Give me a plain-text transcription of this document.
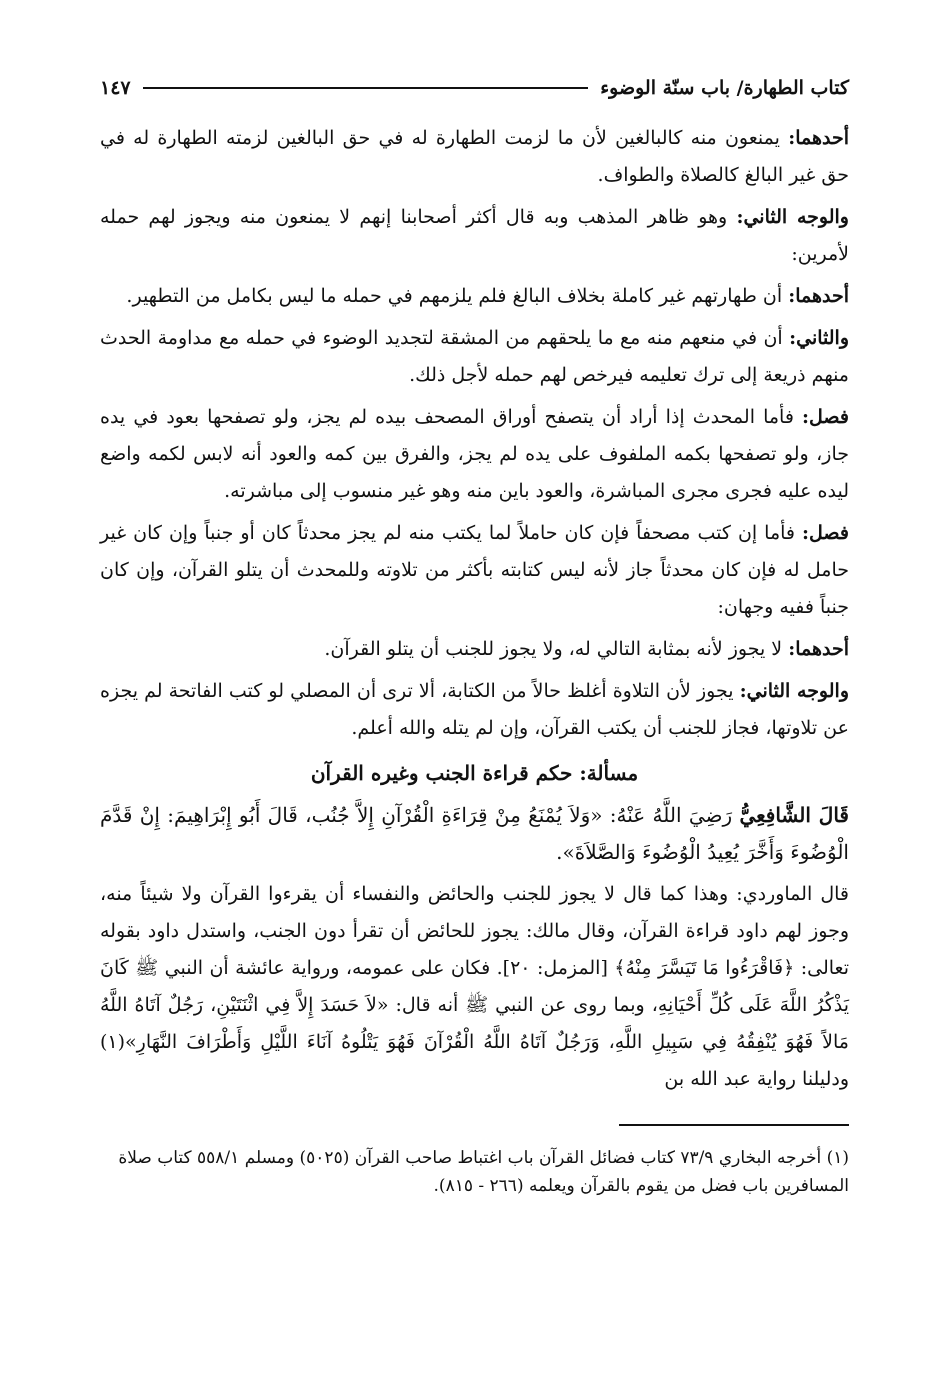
كتاب الطهارة/ باب سنّة الوضوء
١٤٧

أحدهما: يمنعون منه كالبالغين لأن ما لزمت الطهارة له في حق البالغين لزمته الطهارة له في حق غير البالغ كالصلاة والطواف.

والوجه الثاني: وهو ظاهر المذهب وبه قال أكثر أصحابنا إنهم لا يمنعون منه ويجوز لهم حمله لأمرين:

أحدهما: أن طهارتهم غير كاملة بخلاف البالغ فلم يلزمهم في حمله ما ليس بكامل من التطهير.

والثاني: أن في منعهم منه مع ما يلحقهم من المشقة لتجديد الوضوء في حمله مع مداومة الحدث منهم ذريعة إلى ترك تعليمه فيرخص لهم حمله لأجل ذلك.

فصل: فأما المحدث إذا أراد أن يتصفح أوراق المصحف بيده لم يجز، ولو تصفحها بعود في يده جاز، ولو تصفحها بكمه الملفوف على يده لم يجز، والفرق بين كمه والعود أنه لابس لكمه واضع ليده عليه فجرى مجرى المباشرة، والعود باين منه وهو غير منسوب إلى مباشرته.

فصل: فأما إن كتب مصحفاً فإن كان حاملاً لما يكتب منه لم يجز محدثاً كان أو جنباً وإن كان غير حامل له فإن كان محدثاً جاز لأنه ليس كتابته بأكثر من تلاوته وللمحدث أن يتلو القرآن، وإن كان جنباً ففيه وجهان:

أحدهما: لا يجوز لأنه بمثابة التالي له، ولا يجوز للجنب أن يتلو القرآن.

والوجه الثاني: يجوز لأن التلاوة أغلظ حالاً من الكتابة، ألا ترى أن المصلي لو كتب الفاتحة لم يجزه عن تلاوتها، فجاز للجنب أن يكتب القرآن، وإن لم يتله والله أعلم.

مسألة: حكم قراءة الجنب وغيره القرآن

قَالَ الشَّافِعِيُّ رَضِيَ اللَّهُ عَنْهُ: «وَلاَ يُمْنَعُ مِنْ قِرَاءَةِ الْقُرْآنِ إِلاَّ جُنُب، قَالَ أَبُو إِبْرَاهِيمَ: إِنْ قَدَّمَ الْوُضُوءَ وَأَخَّرَ يُعِيدُ الْوُضُوءَ وَالصَّلاَةَ».

قال الماوردي: وهذا كما قال لا يجوز للجنب والحائض والنفساء أن يقرءوا القرآن ولا شيئاً منه، وجوز لهم داود قراءة القرآن، وقال مالك: يجوز للحائض أن تقرأ دون الجنب، واستدل داود بقوله تعالى: ﴿فَاقْرَءُوا مَا تَيَسَّرَ مِنْهُ﴾ [المزمل: ٢٠]. فكان على عمومه، ورواية عائشة أن النبي ﷺ كَانَ يَذْكُرُ اللَّهَ عَلَى كُلِّ أَحْيَانِهِ، وبما روى عن النبي ﷺ أنه قال: «لاَ حَسَدَ إِلاَّ فِي اثْنَتَيْنِ، رَجُلٌ آتَاهُ اللَّهُ مَالاً فَهُوَ يُنْفِقُهُ فِي سَبِيلِ اللَّهِ، وَرَجُلٌ آتَاهُ اللَّهُ الْقُرْآنَ فَهُوَ يَتْلُوهُ آنَاءَ اللَّيْلِ وَأَطْرَافَ النَّهَارِ»(١) ودليلنا رواية عبد الله بن

(١) أخرجه البخاري ٧٣/٩ كتاب فضائل القرآن باب اغتباط صاحب القرآن (٥٠٢٥) ومسلم ٥٥٨/١ كتاب صلاة المسافرين باب فضل من يقوم بالقرآن ويعلمه (٢٦٦ - ٨١٥).
